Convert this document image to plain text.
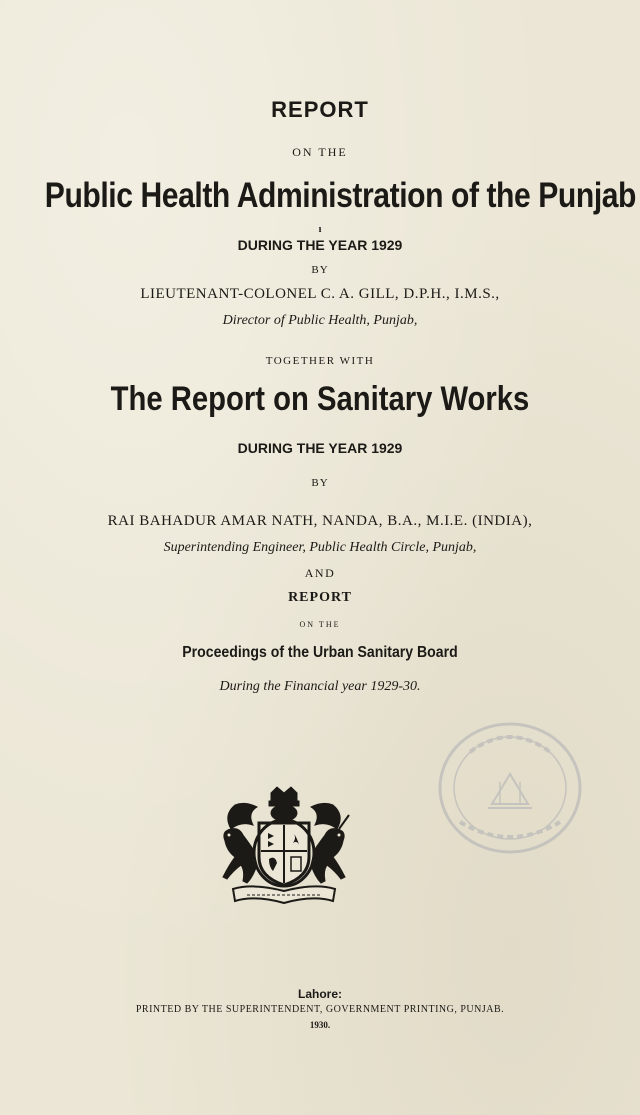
REPORT
ON THE
Public Health Administration of the Punjab
ı
DURING THE YEAR 1929
BY
LIEUTENANT-COLONEL C. A. GILL, D.P.H., I.M.S.,
Director of Public Health, Punjab,
TOGETHER WITH
The Report on Sanitary Works
DURING THE YEAR 1929
BY
RAI BAHADUR AMAR NATH, NANDA, B.A., M.I.E. (INDIA),
Superintending Engineer, Public Health Circle, Punjab,
AND
REPORT
ON THE
Proceedings of the Urban Sanitary Board
During the Financial year 1929-30.
Lahore:
PRINTED BY THE SUPERINTENDENT, GOVERNMENT PRINTING, PUNJAB.
1930.
